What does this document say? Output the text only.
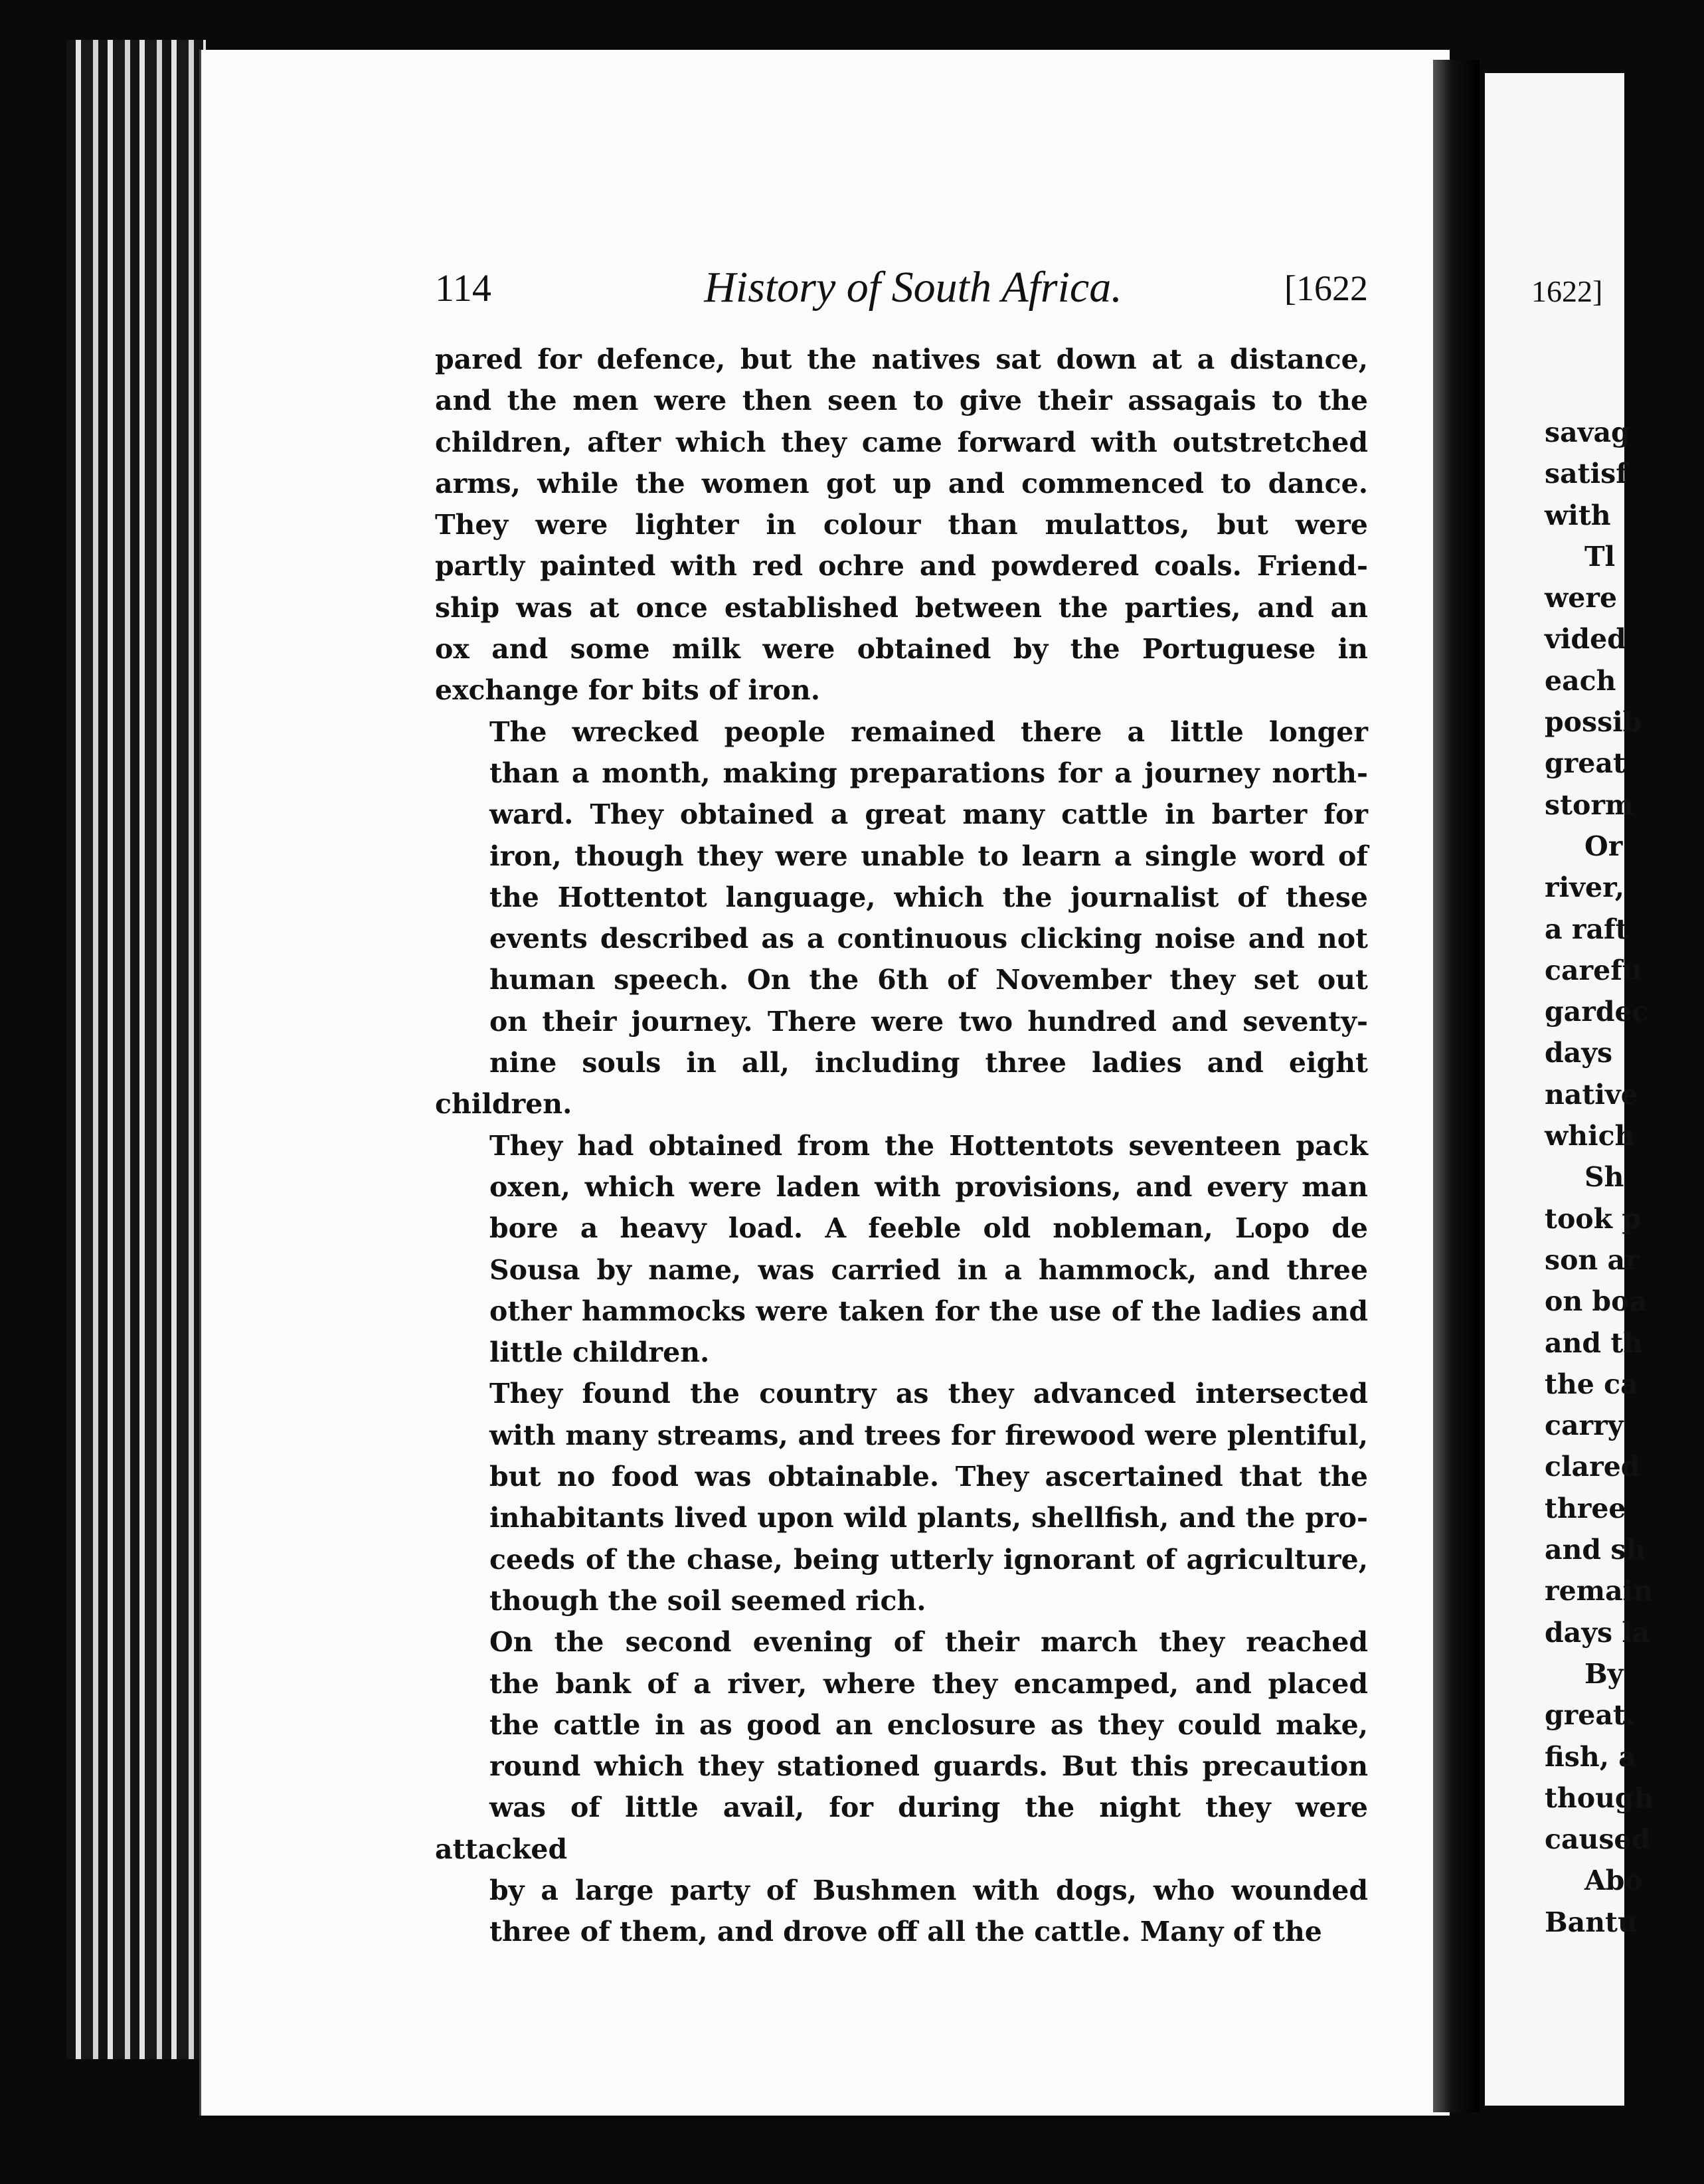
114	History of South Africa.	[1622
pared for defence, but the natives sat down at a distance,
and the men were then seen to give their assagais to the
children, after which they came forward with outstretched
arms, while the women got up and commenced to dance.
They were lighter in colour than mulattos, but were
partly painted with red ochre and powdered coals. Friend-
ship was at once established between the parties, and an
ox and some milk were obtained by the Portuguese in
exchange for bits of iron.
The wrecked people remained there a little longer
than a month, making preparations for a journey north-
ward. They obtained a great many cattle in barter for
iron, though they were unable to learn a single word of
the Hottentot language, which the journalist of these
events described as a continuous clicking noise and not
human speech. On the 6th of November they set out
on their journey. There were two hundred and seventy-
nine souls in all, including three ladies and eight children.
They had obtained from the Hottentots seventeen pack
oxen, which were laden with provisions, and every man
bore a heavy load. A feeble old nobleman, Lopo de
Sousa by name, was carried in a hammock, and three
other hammocks were taken for the use of the ladies and
little children.
They found the country as they advanced intersected
with many streams, and trees for firewood were plentiful,
but no food was obtainable. They ascertained that the
inhabitants lived upon wild plants, shellfish, and the pro-
ceeds of the chase, being utterly ignorant of agriculture,
though the soil seemed rich.
On the second evening of their march they reached
the bank of a river, where they encamped, and placed
the cattle in as good an enclosure as they could make,
round which they stationed guards. But this precaution
was of little avail, for during the night they were attacked
by a large party of Bushmen with dogs, who wounded
three of them, and drove off all the cattle. Many of the
1622]
savag
satisf
with
Tl
were
vided
each
possib
great
storm
Or
river,
a raft
carefu
gardec
days
native
which
Sh
took p
son ar
on boa
and th
the ca
carry
clared
three
and sh
remain
days la
By
great.
fish, a
though
caused
Abo
Bantu
